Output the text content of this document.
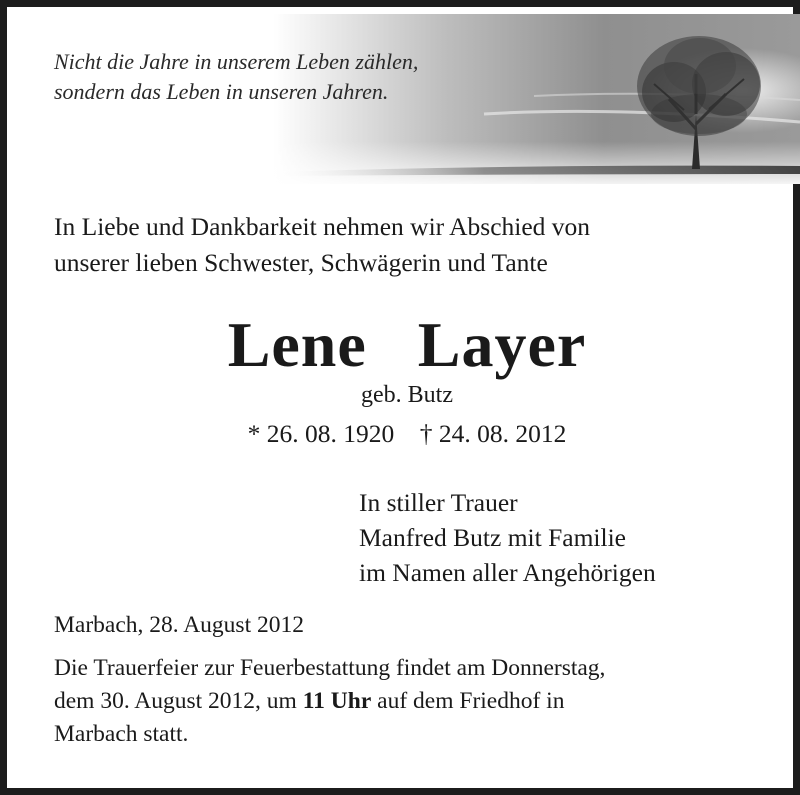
Nicht die Jahre in unserem Leben zählen,
sondern das Leben in unseren Jahren.
In Liebe und Dankbarkeit nehmen wir Abschied von
unserer lieben Schwester, Schwägerin und Tante
Lene Layer
geb. Butz
* 26. 08. 1920 † 24. 08. 2012
In stiller Trauer
Manfred Butz mit Familie
im Namen aller Angehörigen
Marbach, 28. August 2012
Die Trauerfeier zur Feuerbestattung findet am Donnerstag,
dem 30. August 2012, um 11 Uhr auf dem Friedhof in
Marbach statt.
